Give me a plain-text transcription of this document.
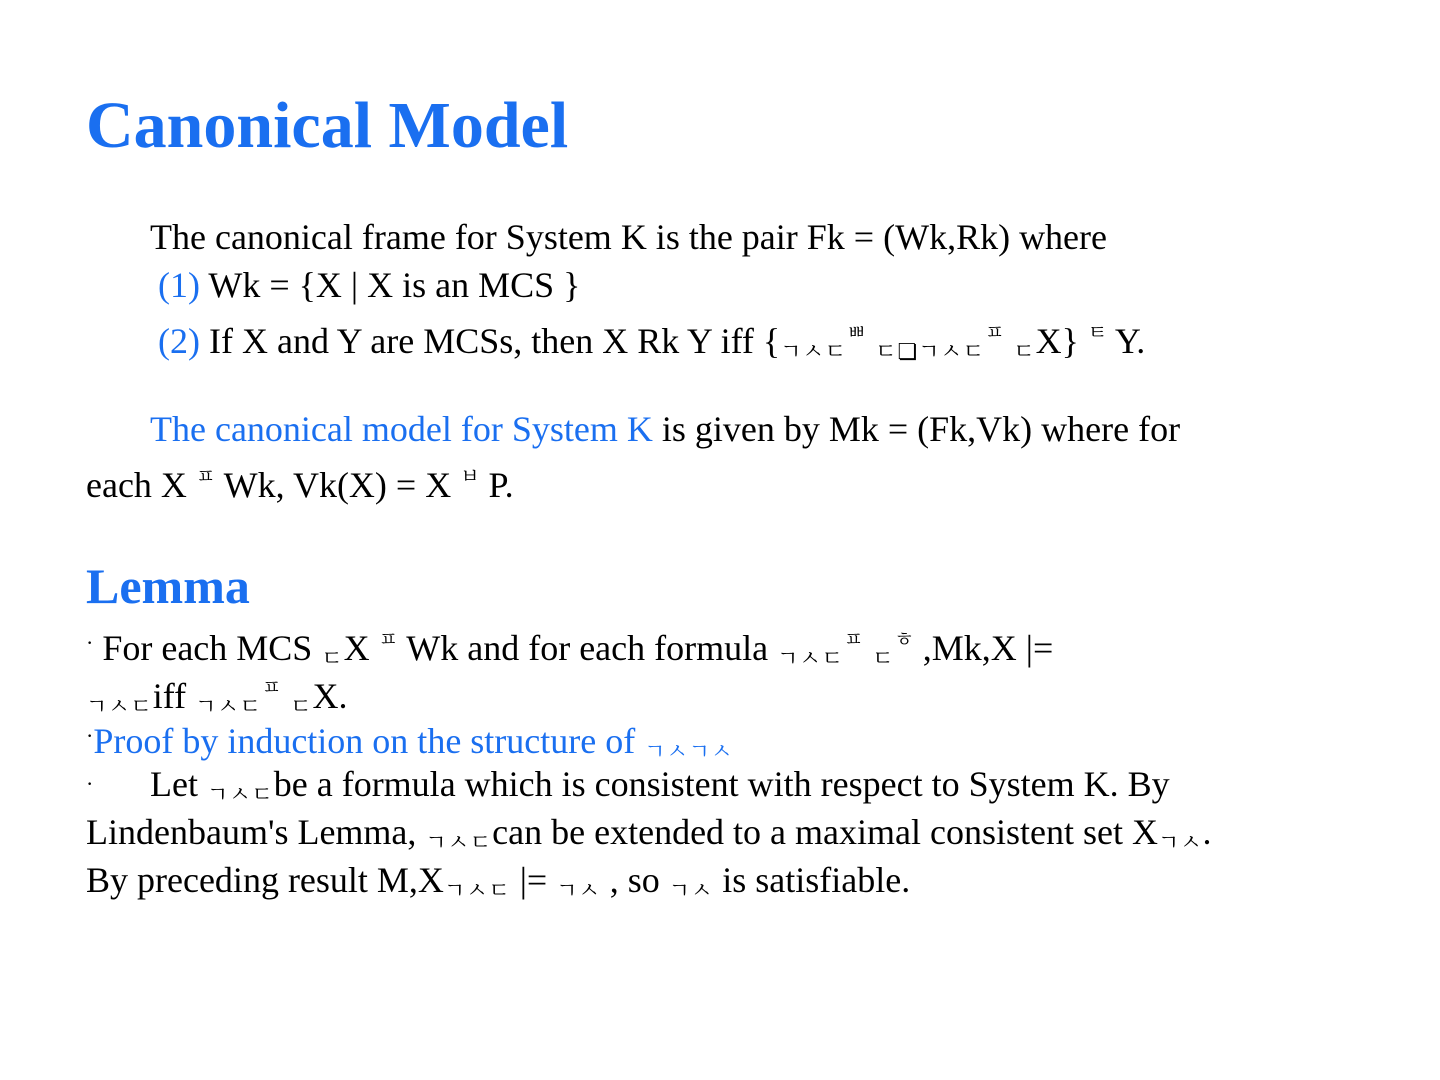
Canonical Model
The canonical frame for System K is the pair Fk = (Wk,Rk) where
(1) Wk = {X | X is an MCS }
(2) If X and Y are MCSs, then X Rk Y iff {ㄱㅅㄷㅃ ㄷ❏ㄱㅅㄷㅍ ㄷX} ㅌ Y.
The canonical model for System K is given by Mk = (Fk,Vk) where for
each X ㅍ Wk, Vk(X) = X ㅂ P.
Lemma
· For each MCS ㄷX ㅍ Wk and for each formula ㄱㅅㄷㅍ ㄷㅎ ,Mk,X |=
ㄱㅅㄷiff ㄱㅅㄷㅍ ㄷX.
·Proof by induction on the structure of ㄱㅅㄱㅅ
· Let ㄱㅅㄷbe a formula which is consistent with respect to System K. By
Lindenbaum's Lemma, ㄱㅅㄷcan be extended to a maximal consistent set Xㄱㅅ.
By preceding result M,Xㄱㅅㄷ |= ㄱㅅ , so ㄱㅅ is satisfiable.
